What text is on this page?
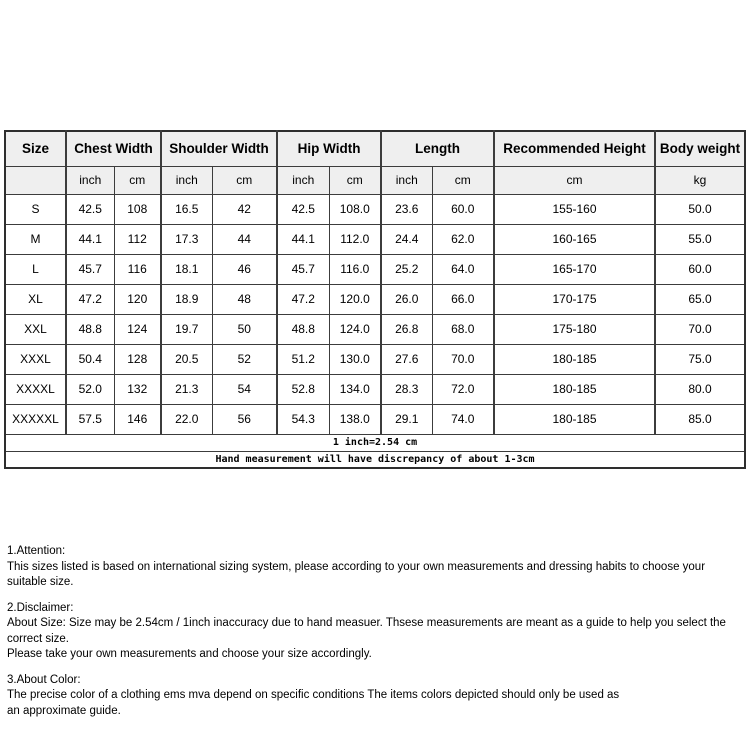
Size	Chest Width		Shoulder Width		Hip Width		Length		Recommended Height	Body weight
	inch	cm	inch	cm	inch	cm	inch	cm	cm	kg
S	42.5	108	16.5	42	42.5	108.0	23.6	60.0	155-160	50.0
M	44.1	112	17.3	44	44.1	112.0	24.4	62.0	160-165	55.0
L	45.7	116	18.1	46	45.7	116.0	25.2	64.0	165-170	60.0
XL	47.2	120	18.9	48	47.2	120.0	26.0	66.0	170-175	65.0
XXL	48.8	124	19.7	50	48.8	124.0	26.8	68.0	175-180	70.0
XXXL	50.4	128	20.5	52	51.2	130.0	27.6	70.0	180-185	75.0
XXXXL	52.0	132	21.3	54	52.8	134.0	28.3	72.0	180-185	80.0
XXXXXL	57.5	146	22.0	56	54.3	138.0	29.1	74.0	180-185	85.0
1 inch=2.54 cm										
Hand measurement will have discrepancy of about 1-3cm										

1.Attention:

This sizes listed is based on international sizing system, please according to your own measurements and dressing habits to choose your suitable size.

2.Disclaimer:

About Size: Size may be 2.54cm / 1inch inaccuracy due to hand measuer. Thsese measurements are meant as a guide to help you select the correct size.

Please take your own measurements and choose your size accordingly.

3.About Color:

The precise color of a clothing ems mva depend on specific conditions The items colors depicted should only be used as

an approximate guide.
